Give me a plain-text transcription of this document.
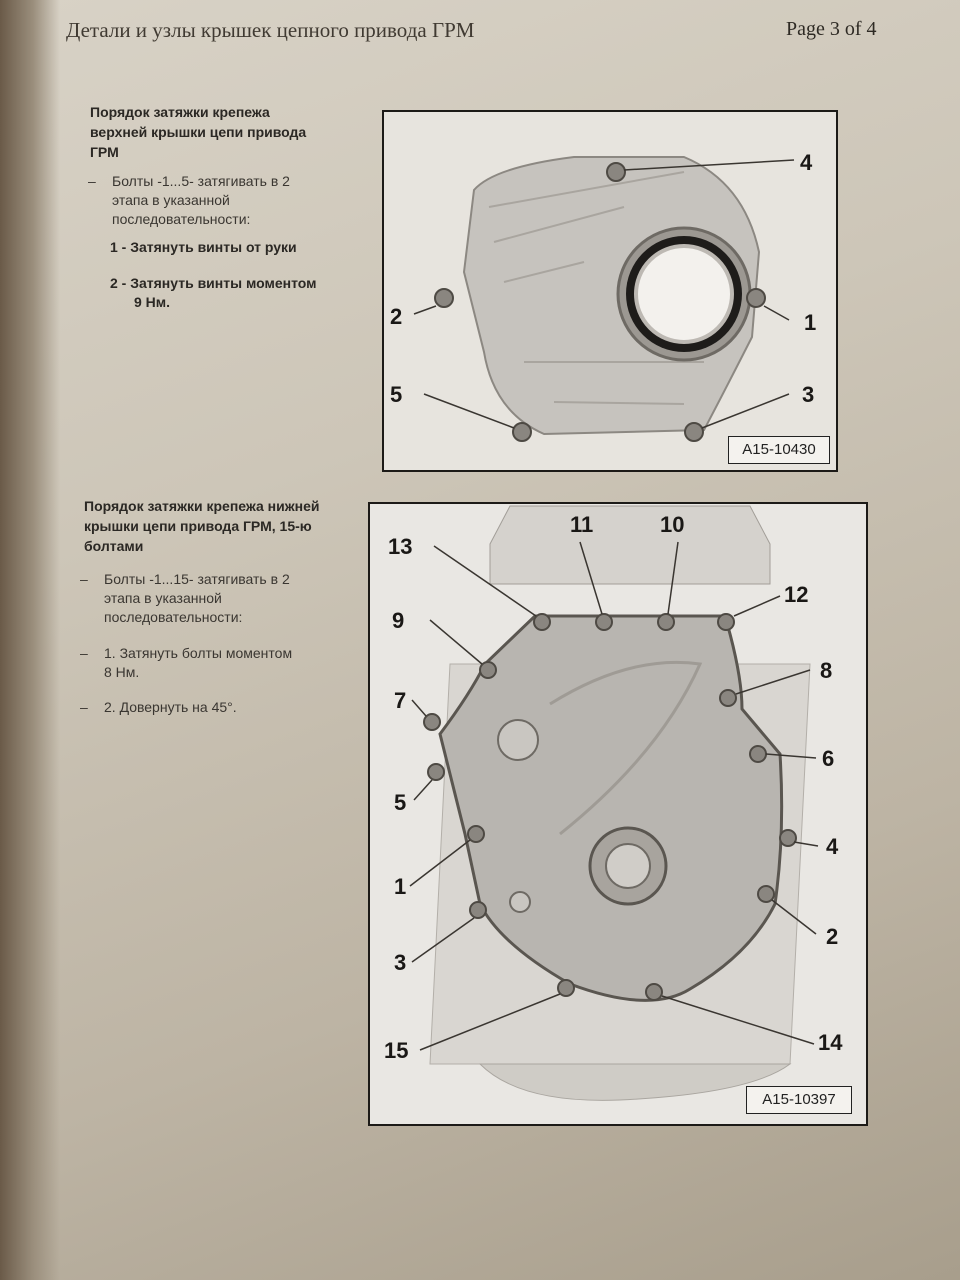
Детали и узлы крышек цепного привода ГРМ	Page 3 of 4
Порядок затяжки крепежа
верхней крышки цепи привода
ГРМ
– Болты -1...5- затягивать в 2
этапа в указанной
последовательности:
1 - Затянуть винты от руки
2 - Затянуть винты моментом
9 Нм.
4
2	1
5	3
A15-10430
Порядок затяжки крепежа нижней
крышки цепи привода ГРМ, 15-ю
болтами
– Болты -1...15- затягивать в 2
этапа в указанной
последовательности:
– 1. Затянуть болты моментом
8 Нм.
– 2. Довернуть на 45°.
13
11	10
9
12
7
8
5
6
1
4
3
2
15	14
A15-10397
